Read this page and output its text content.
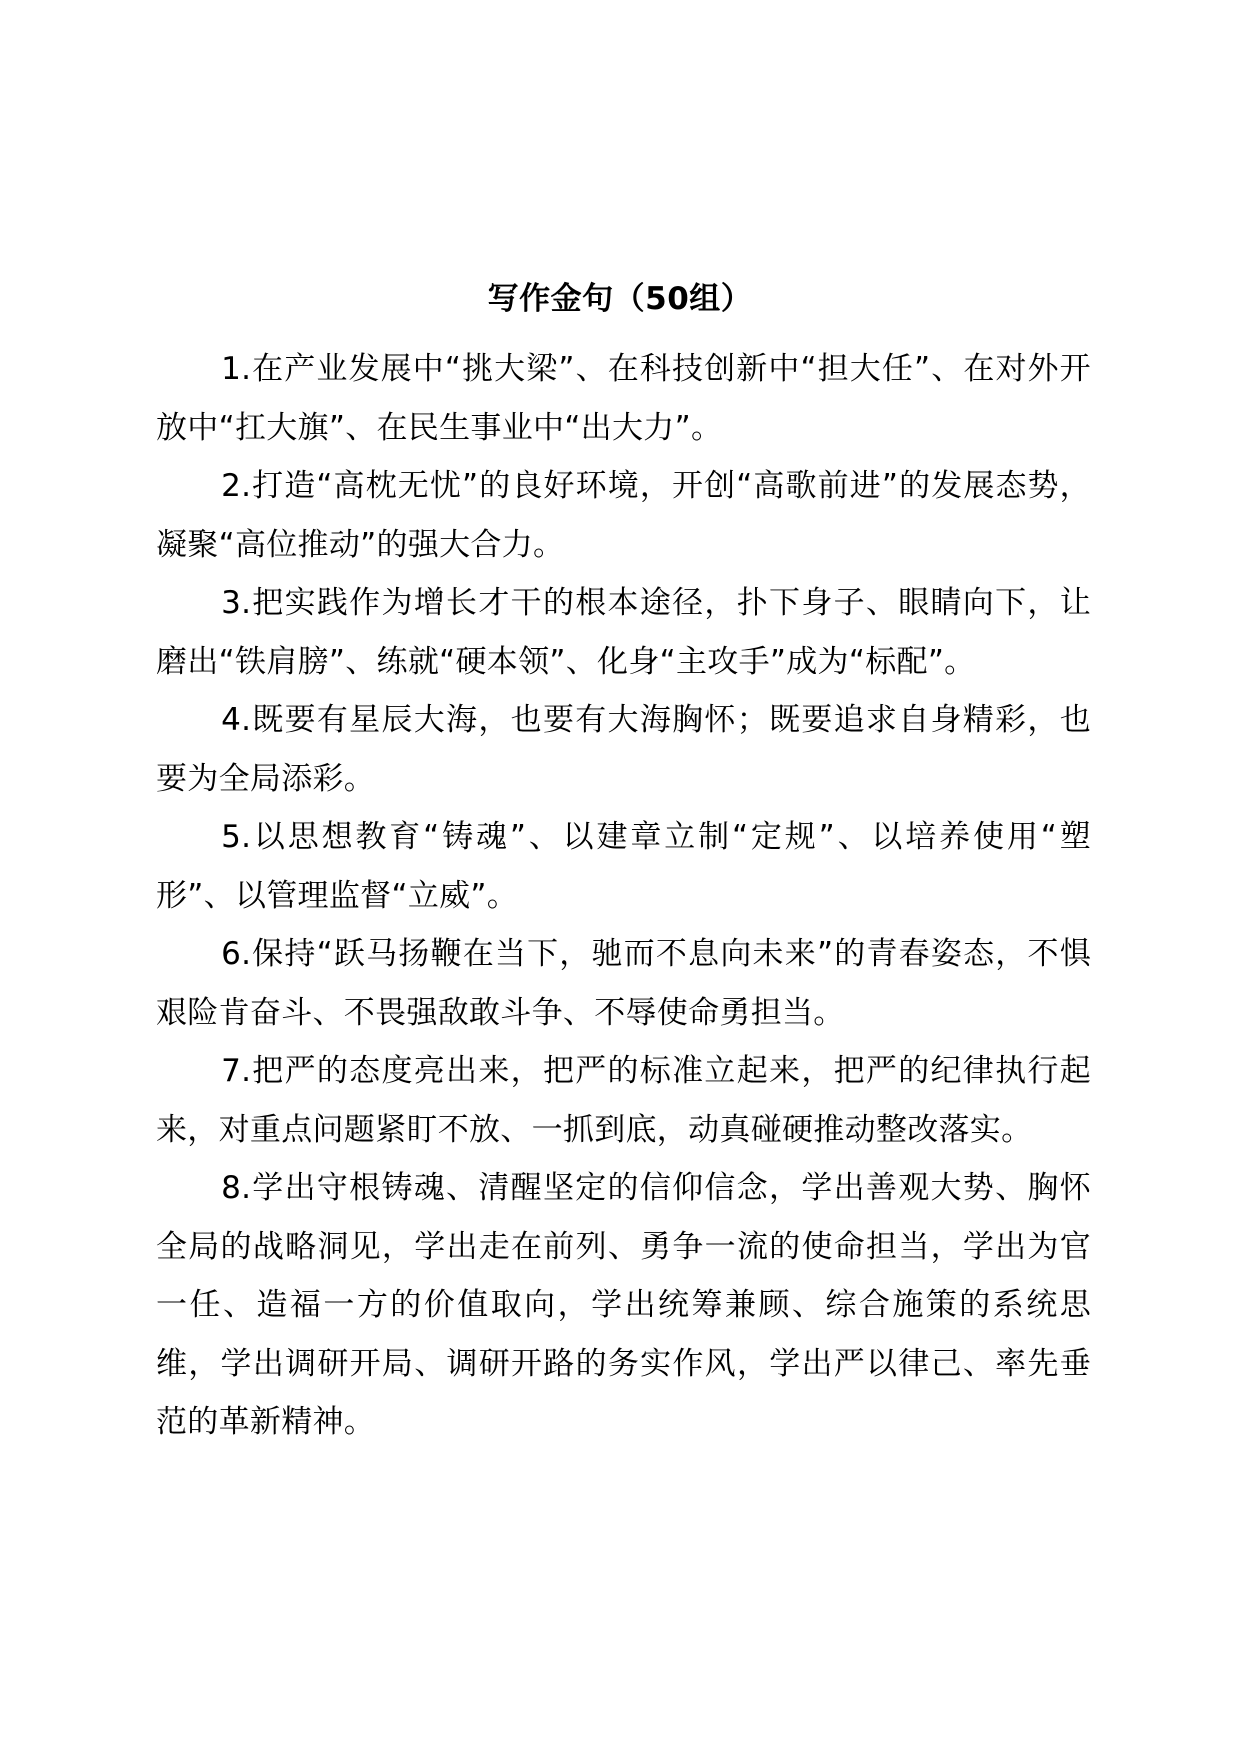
写作金句（50组）

1.在产业发展中“挑大梁”、在科技创新中“担大任”、在对外开放中“扛大旗”、在民生事业中“出大力”。

2.打造“高枕无忧”的良好环境，开创“高歌前进”的发展态势，凝聚“高位推动”的强大合力。

3.把实践作为增长才干的根本途径，扑下身子、眼睛向下，让磨出“铁肩膀”、练就“硬本领”、化身“主攻手”成为“标配”。

4.既要有星辰大海，也要有大海胸怀；既要追求自身精彩，也要为全局添彩。

5.以思想教育“铸魂”、以建章立制“定规”、以培养使用“塑形”、以管理监督“立威”。

6.保持“跃马扬鞭在当下，驰而不息向未来”的青春姿态，不惧艰险肯奋斗、不畏强敌敢斗争、不辱使命勇担当。

7.把严的态度亮出来，把严的标准立起来，把严的纪律执行起来，对重点问题紧盯不放、一抓到底，动真碰硬推动整改落实。

8.学出守根铸魂、清醒坚定的信仰信念，学出善观大势、胸怀全局的战略洞见，学出走在前列、勇争一流的使命担当，学出为官一任、造福一方的价值取向，学出统筹兼顾、综合施策的系统思维，学出调研开局、调研开路的务实作风，学出严以律己、率先垂范的革新精神。
